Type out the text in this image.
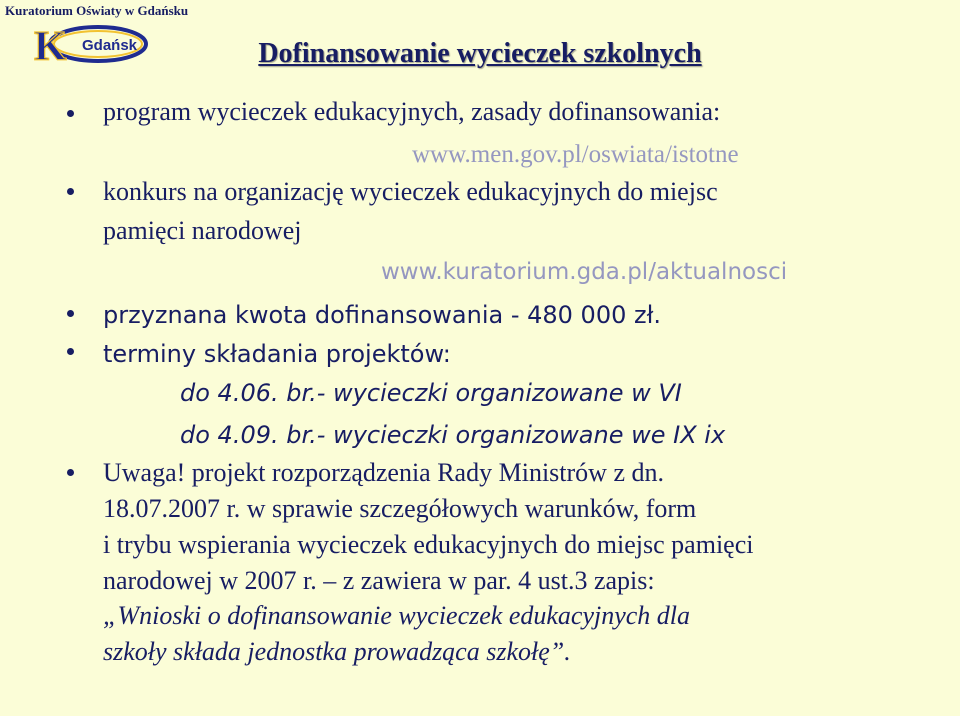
Kuratorium Oświaty w Gdańsku
K Gdańsk	Dofinansowanie wycieczek szkolnych
program wycieczek edukacyjnych, zasady dofinansowania:
www.men.gov.pl/oswiata/istotne
konkurs na organizację wycieczek edukacyjnych do miejsc
pamięci narodowej
www.kuratorium.gda.pl/aktualnosci
przyznana kwota dofinansowania - 480 000 zł.
terminy składania projektów:
do 4.06. br.- wycieczki organizowane w VI
do 4.09. br.- wycieczki organizowane we IX ix
Uwaga! projekt rozporządzenia Rady Ministrów z dn.
18.07.2007 r. w sprawie szczegółowych warunków, form
i trybu wspierania wycieczek edukacyjnych do miejsc pamięci
narodowej w 2007 r. – z zawiera w par. 4 ust.3 zapis:
„Wnioski o dofinansowanie wycieczek edukacyjnych dla
szkoły składa jednostka prowadząca szkołę”.
